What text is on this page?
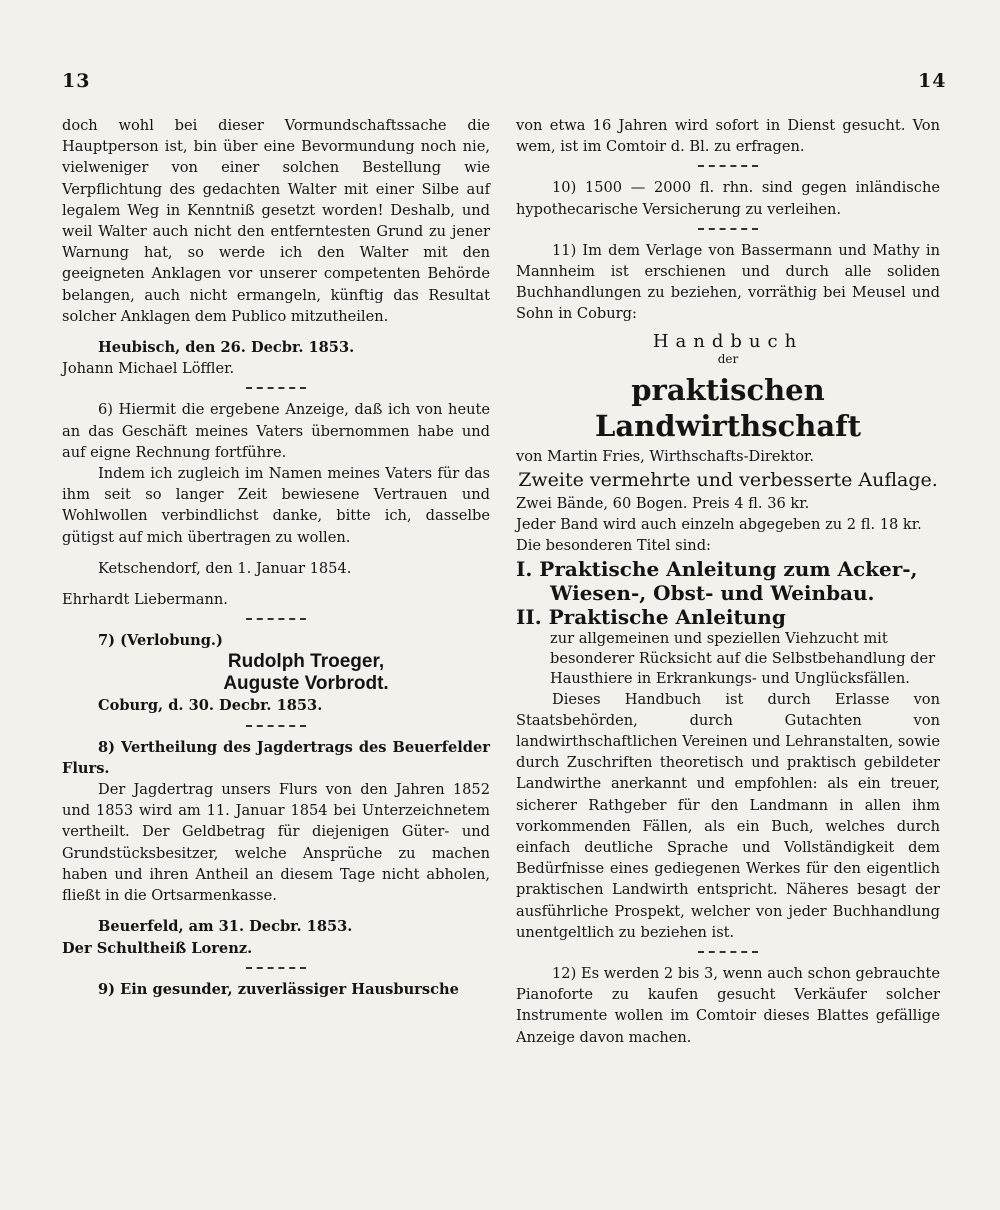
13	14

doch wohl bei dieser Vormundschaftssache die Hauptperson ist, bin über eine Bevormundung noch nie, vielweniger von einer solchen Bestellung wie Verpflichtung des gedachten Walter mit einer Silbe auf legalem Weg in Kenntniß gesetzt worden! Deshalb, und weil Walter auch nicht den entferntesten Grund zu jener Warnung hat, so werde ich den Walter mit den geeigneten Anklagen vor unserer competenten Behörde belangen, auch nicht ermangeln, künftig das Resultat solcher Anklagen dem Publico mitzutheilen.

Heubisch, den 26. Decbr. 1853.

Johann Michael Löffler.

6) Hiermit die ergebene Anzeige, daß ich von heute an das Geschäft meines Vaters übernommen habe und auf eigne Rechnung fortführe.

Indem ich zugleich im Namen meines Vaters für das ihm seit so langer Zeit bewiesene Vertrauen und Wohlwollen verbindlichst danke, bitte ich, dasselbe gütigst auf mich übertragen zu wollen.

Ketschendorf, den 1. Januar 1854.

Ehrhardt Liebermann.

7) (Verlobung.)

Rudolph Troeger,
Auguste Vorbrodt.

Coburg, d. 30. Decbr. 1853.

8) Vertheilung des Jagdertrags des Beuerfelder Flurs.

Der Jagdertrag unsers Flurs von den Jahren 1852 und 1853 wird am 11. Januar 1854 bei Unterzeichnetem vertheilt. Der Geldbetrag für diejenigen Güter- und Grundstücksbesitzer, welche Ansprüche zu machen haben und ihren Antheil an diesem Tage nicht abholen, fließt in die Ortsarmenkasse.

Beuerfeld, am 31. Decbr. 1853.

Der Schultheiß Lorenz.

9) Ein gesunder, zuverlässiger Hausbursche

von etwa 16 Jahren wird sofort in Dienst gesucht. Von wem, ist im Comtoir d. Bl. zu erfragen.

10) 1500 — 2000 fl. rhn. sind gegen inländische hypothecarische Versicherung zu verleihen.

11) Im dem Verlage von Bassermann und Mathy in Mannheim ist erschienen und durch alle soliden Buchhandlungen zu beziehen, vorräthig bei Meusel und Sohn in Coburg:

Handbuch
der
praktischen Landwirthschaft

von Martin Fries, Wirthschafts-Direktor.

Zweite vermehrte und verbesserte Auflage.

Zwei Bände, 60 Bogen. Preis 4 fl. 36 kr.

Jeder Band wird auch einzeln abgegeben zu 2 fl. 18 kr.

Die besonderen Titel sind:

I. Praktische Anleitung zum Acker-, Wiesen-, Obst- und Weinbau.

II. Praktische Anleitung

zur allgemeinen und speziellen Viehzucht mit besonderer Rücksicht auf die Selbstbehandlung der Hausthiere in Erkrankungs- und Unglücksfällen.

Dieses Handbuch ist durch Erlasse von Staatsbehörden, durch Gutachten von landwirthschaftlichen Vereinen und Lehranstalten, sowie durch Zuschriften theoretisch und praktisch gebildeter Landwirthe anerkannt und empfohlen: als ein treuer, sicherer Rathgeber für den Landmann in allen ihm vorkommenden Fällen, als ein Buch, welches durch einfach deutliche Sprache und Vollständigkeit dem Bedürfnisse eines gediegenen Werkes für den eigentlich praktischen Landwirth entspricht. Näheres besagt der ausführliche Prospekt, welcher von jeder Buchhandlung unentgeltlich zu beziehen ist.

12) Es werden 2 bis 3, wenn auch schon gebrauchte Pianoforte zu kaufen gesucht Verkäufer solcher Instrumente wollen im Comtoir dieses Blattes gefällige Anzeige davon machen.
